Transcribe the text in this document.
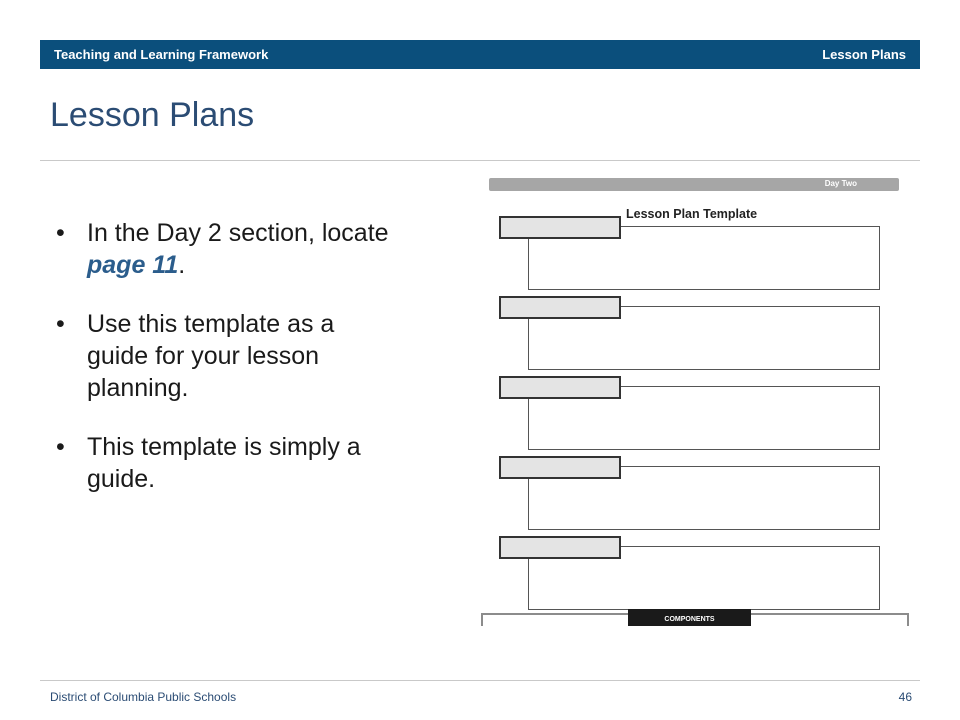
Teaching and Learning Framework	Lesson Plans
Lesson Plans
• In the Day 2 section, locate page 11.
• Use this template as a guide for your lesson planning.
• This template is simply a guide.
Day Two
Lesson Plan Template
COMPONENTS
District of Columbia Public Schools	46
